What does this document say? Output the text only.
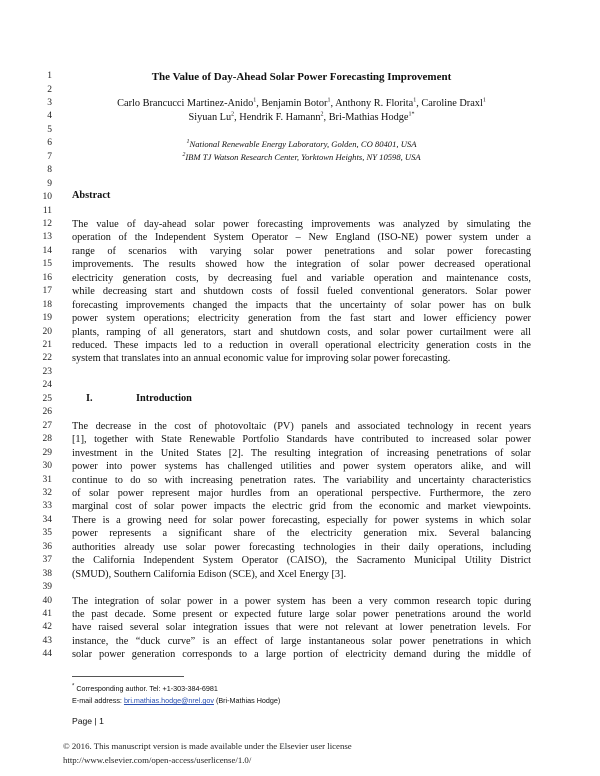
1
2
3
4
5
6
7
8
9
10
11
12
13
14
15
16
17
18
19
20
21
22
23
24
25
26
27
28
29
30
31
32
33
34
35
36
37
38
39
40
41
42
43
44
The Value of Day-Ahead Solar Power Forecasting Improvement
Carlo Brancucci Martinez-Anido$^1$, Benjamin Botor$^1$, Anthony R. Florita$^1$, Caroline Draxl$^1$
Siyuan Lu$^2$, Hendrik F. Hamann$^2$, Bri-Mathias Hodge$^{1*}$
$^1$National Renewable Energy Laboratory, Golden, CO 80401, USA
$^2$IBM TJ Watson Research Center, Yorktown Heights, NY 10598, USA
Abstract
The value of day-ahead solar power forecasting improvements was analyzed by simulating the
operation of the Independent System Operator – New England (ISO-NE) power system under a
range of scenarios with varying solar power penetrations and solar power forecasting
improvements. The results showed how the integration of solar power decreased operational
electricity generation costs, by decreasing fuel and variable operation and maintenance costs,
while decreasing start and shutdown costs of fossil fueled conventional generators. Solar power
forecasting improvements changed the impacts that the uncertainty of solar power has on bulk
power system operations; electricity generation from the fast start and lower efficiency power
plants, ramping of all generators, start and shutdown costs, and solar power curtailment were all
reduced. These impacts led to a reduction in overall operational electricity generation costs in the
system that translates into an annual economic value for improving solar power forecasting.
I.	Introduction
The decrease in the cost of photovoltaic (PV) panels and associated technology in recent years
[1], together with State Renewable Portfolio Standards have contributed to increased solar power
investment in the United States [2]. The resulting integration of increasing penetrations of solar
power into power systems has challenged utilities and power system operators alike, and will
continue to do so with increasing penetration rates. The variability and uncertainty characteristics
of solar power represent major hurdles from an operational perspective. Furthermore, the zero
marginal cost of solar power impacts the electric grid from the economic and market viewpoints.
There is a growing need for solar power forecasting, especially for power systems in which solar
power represents a significant share of the electricity generation mix. Several balancing
authorities already use solar power forecasting technologies in their daily operations, including
the California Independent System Operator (CAISO), the Sacramento Municipal Utility District
(SMUD), Southern California Edison (SCE), and Xcel Energy [3].
The integration of solar power in a power system has been a very common research topic during
the past decade. Some present or expected future large solar power penetrations around the world
have raised several solar integration issues that were not relevant at lower penetration levels. For
instance, the “duck curve” is an effect of large instantaneous solar power penetrations in which
solar power generation corresponds to a large portion of electricity demand during the middle of
* Corresponding author. Tel: +1-303-384-6981
E-mail address: bri.mathias.hodge@nrel.gov (Bri-Mathias Hodge)
Page | 1
© 2016. This manuscript version is made available under the Elsevier user license
http://www.elsevier.com/open-access/userlicense/1.0/
